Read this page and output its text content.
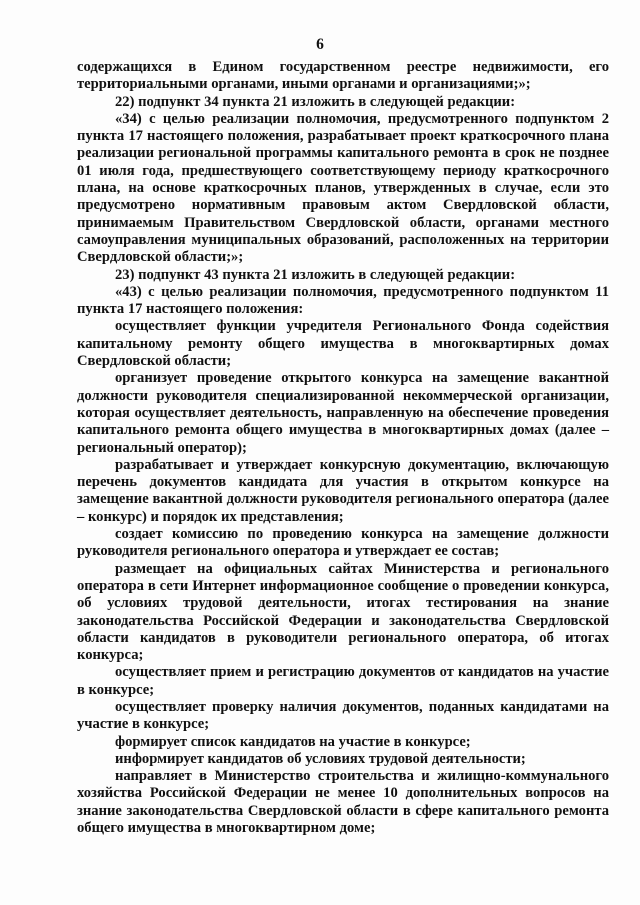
6

содержащихся в Едином государственном реестре недвижимости, его территориальными органами, иными органами и организациями;»;

22) подпункт 34 пункта 21 изложить в следующей редакции:

«34) с целью реализации полномочия, предусмотренного подпунктом 2 пункта 17 настоящего положения, разрабатывает проект краткосрочного плана реализации региональной программы капитального ремонта в срок не позднее 01 июля года, предшествующего соответствующему периоду краткосрочного плана, на основе краткосрочных планов, утвержденных в случае, если это предусмотрено нормативным правовым актом Свердловской области, принимаемым Правительством Свердловской области, органами местного самоуправления муниципальных образований, расположенных на территории Свердловской области;»;

23) подпункт 43 пункта 21 изложить в следующей редакции:

«43) с целью реализации полномочия, предусмотренного подпунктом 11 пункта 17 настоящего положения:

осуществляет функции учредителя Регионального Фонда содействия капитальному ремонту общего имущества в многоквартирных домах Свердловской области;

организует проведение открытого конкурса на замещение вакантной должности руководителя специализированной некоммерческой организации, которая осуществляет деятельность, направленную на обеспечение проведения капитального ремонта общего имущества в многоквартирных домах (далее – региональный оператор);

разрабатывает и утверждает конкурсную документацию, включающую перечень документов кандидата для участия в открытом конкурсе на замещение вакантной должности руководителя регионального оператора (далее – конкурс) и порядок их представления;

создает комиссию по проведению конкурса на замещение должности руководителя регионального оператора и утверждает ее состав;

размещает на официальных сайтах Министерства и регионального оператора в сети Интернет информационное сообщение о проведении конкурса, об условиях трудовой деятельности, итогах тестирования на знание законодательства Российской Федерации и законодательства Свердловской области кандидатов в руководители регионального оператора, об итогах конкурса;

осуществляет прием и регистрацию документов от кандидатов на участие в конкурсе;

осуществляет проверку наличия документов, поданных кандидатами на участие в конкурсе;

формирует список кандидатов на участие в конкурсе;

информирует кандидатов об условиях трудовой деятельности;

направляет в Министерство строительства и жилищно-коммунального хозяйства Российской Федерации не менее 10 дополнительных вопросов на знание законодательства Свердловской области в сфере капитального ремонта общего имущества в многоквартирном доме;
